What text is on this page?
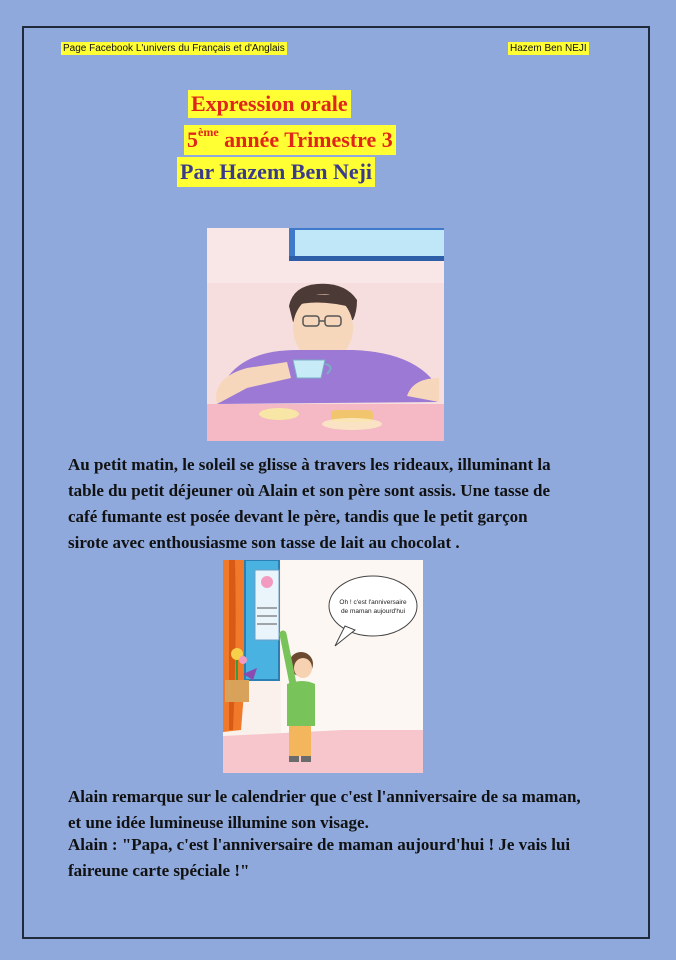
Page Facebook L'univers du Français et d'Anglais	Hazem Ben NEJI
Expression orale
5ème année Trimestre 3
Par Hazem Ben Neji
Au petit matin, le soleil se glisse à travers les rideaux, illuminant la
table du petit déjeuner où Alain et son père sont assis. Une tasse de
café fumante est posée devant le père, tandis que le petit garçon
sirote avec enthousiasme son tasse de lait au chocolat .
Oh ! c'est l'anniversaire
de maman aujourd'hui
Alain remarque sur le calendrier que c'est l'anniversaire de sa maman,
et une idée lumineuse illumine son visage.
Alain : "Papa, c'est l'anniversaire de maman aujourd'hui ! Je vais lui
faireune carte spéciale !"
